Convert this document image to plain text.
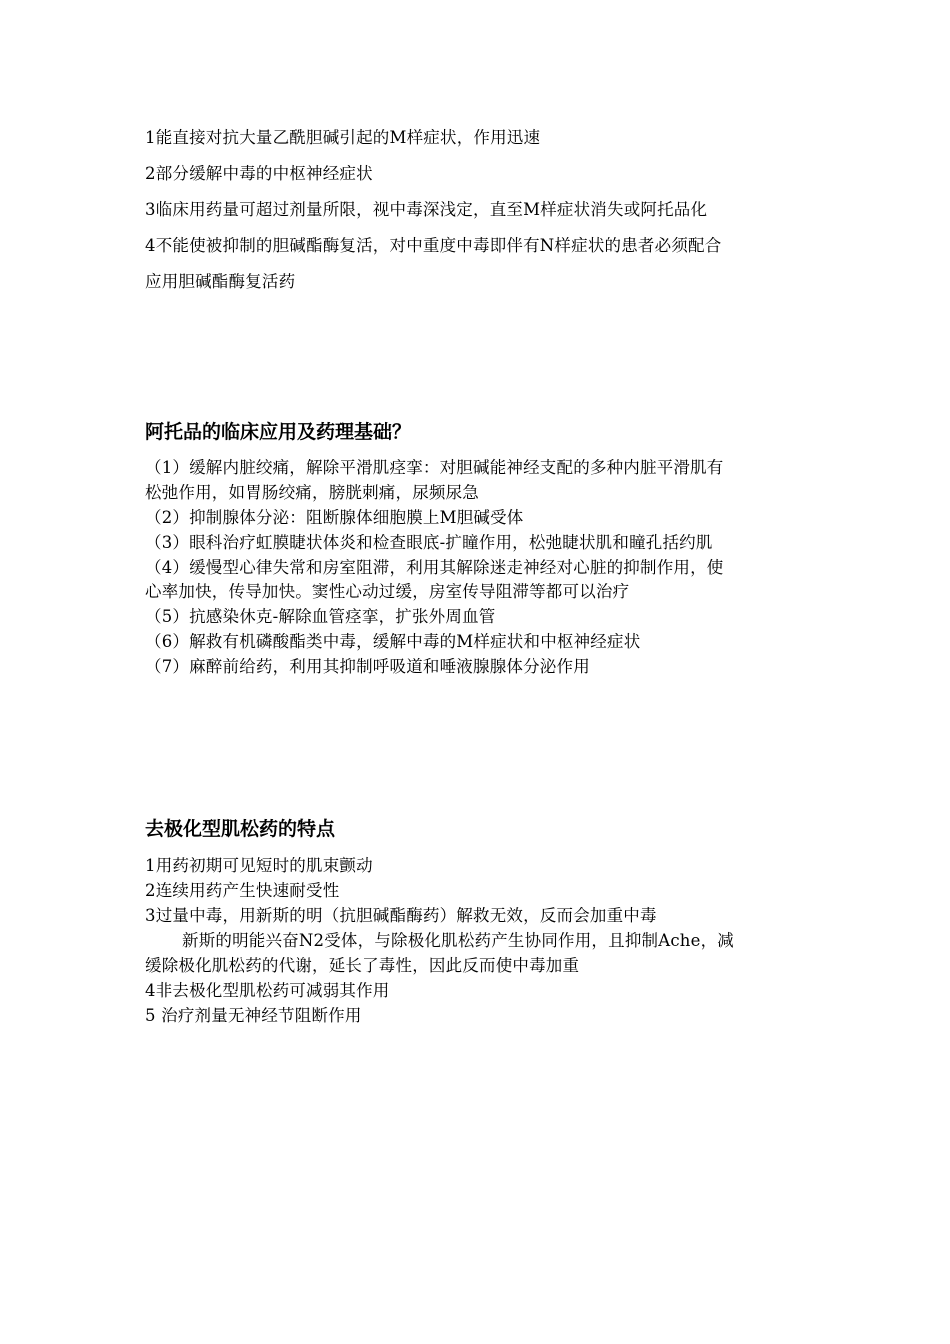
1能直接对抗大量乙酰胆碱引起的M样症状，作用迅速
2部分缓解中毒的中枢神经症状
3临床用药量可超过剂量所限，视中毒深浅定，直至M样症状消失或阿托品化
4不能使被抑制的胆碱酯酶复活，对中重度中毒即伴有N样症状的患者必须配合
应用胆碱酯酶复活药
阿托品的临床应用及药理基础？
（1）缓解内脏绞痛，解除平滑肌痉挛：对胆碱能神经支配的多种内脏平滑肌有
松弛作用，如胃肠绞痛，膀胱刺痛，尿频尿急
（2）抑制腺体分泌：阻断腺体细胞膜上M胆碱受体
（3）眼科治疗虹膜睫状体炎和检查眼底-扩瞳作用，松弛睫状肌和瞳孔括约肌
（4）缓慢型心律失常和房室阻滞，利用其解除迷走神经对心脏的抑制作用，使
心率加快，传导加快。窦性心动过缓，房室传导阻滞等都可以治疗
（5）抗感染休克-解除血管痉挛，扩张外周血管
（6）解救有机磷酸酯类中毒，缓解中毒的M样症状和中枢神经症状
（7）麻醉前给药，利用其抑制呼吸道和唾液腺腺体分泌作用
去极化型肌松药的特点
1用药初期可见短时的肌束颤动
2连续用药产生快速耐受性
3过量中毒，用新斯的明（抗胆碱酯酶药）解救无效，反而会加重中毒
新斯的明能兴奋N2受体，与除极化肌松药产生协同作用，且抑制Ache，减
缓除极化肌松药的代谢，延长了毒性，因此反而使中毒加重
4非去极化型肌松药可减弱其作用
5 治疗剂量无神经节阻断作用
